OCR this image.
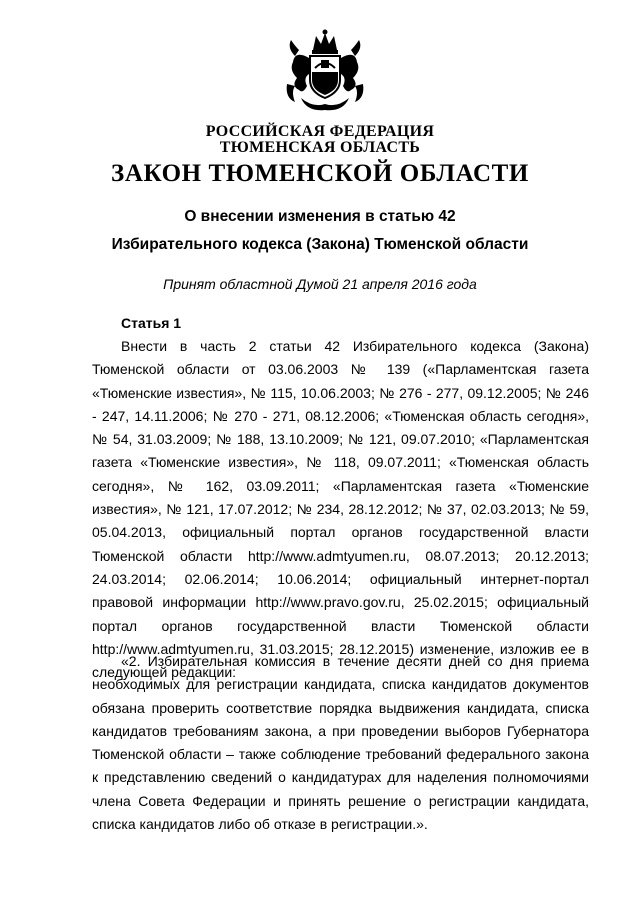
РОССИЙСКАЯ ФЕДЕРАЦИЯ
ТЮМЕНСКАЯ ОБЛАСТЬ
ЗАКОН ТЮМЕНСКОЙ ОБЛАСТИ
О внесении изменения в статью 42
Избирательного кодекса (Закона) Тюменской области
Принят областной Думой 21 апреля 2016 года
Статья 1

Внести в часть 2 статьи 42 Избирательного кодекса (Закона) Тюменской области от 03.06.2003 № 139 («Парламентская газета «Тюменские известия», № 115, 10.06.2003; № 276 - 277, 09.12.2005; № 246 - 247, 14.11.2006; № 270 - 271, 08.12.2006; «Тюменская область сегодня», № 54, 31.03.2009; № 188, 13.10.2009; № 121, 09.07.2010; «Парламентская газета «Тюменские известия», № 118, 09.07.2011; «Тюменская область сегодня», № 162, 03.09.2011; «Парламентская газета «Тюменские известия», № 121, 17.07.2012; № 234, 28.12.2012; № 37, 02.03.2013; № 59, 05.04.2013, официальный портал органов государственной власти Тюменской области http://www.admtyumen.ru, 08.07.2013; 20.12.2013; 24.03.2014; 02.06.2014; 10.06.2014; официальный интернет-портал правовой информации http://www.pravo.gov.ru, 25.02.2015; официальный портал органов государственной власти Тюменской области http://www.admtyumen.ru, 31.03.2015; 28.12.2015) изменение, изложив ее в следующей редакции:

«2. Избирательная комиссия в течение десяти дней со дня приема необходимых для регистрации кандидата, списка кандидатов документов обязана проверить соответствие порядка выдвижения кандидата, списка кандидатов требованиям закона, а при проведении выборов Губернатора Тюменской области – также соблюдение требований федерального закона к представлению сведений о кандидатурах для наделения полномочиями члена Совета Федерации и принять решение о регистрации кандидата, списка кандидатов либо об отказе в регистрации.».
